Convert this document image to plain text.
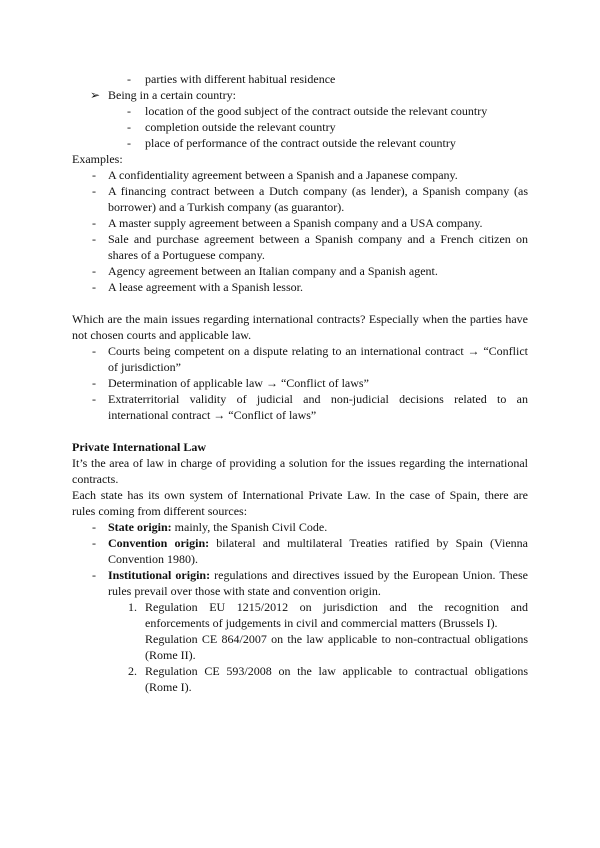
- parties with different habitual residence
➢ Being in a certain country:
- location of the good subject of the contract outside the relevant country
- completion outside the relevant country
- place of performance of the contract outside the relevant country
Examples:
- A confidentiality agreement between a Spanish and a Japanese company.
- A financing contract between a Dutch company (as lender), a Spanish company (as
borrower) and a Turkish company (as guarantor).
- A master supply agreement between a Spanish company and a USA company.
- Sale and purchase agreement between a Spanish company and a French citizen on
shares of a Portuguese company.
- Agency agreement between an Italian company and a Spanish agent.
- A lease agreement with a Spanish lessor.
Which are the main issues regarding international contracts? Especially when the parties have
not chosen courts and applicable law.
- Courts being competent on a dispute relating to an international contract → “Conflict
of jurisdiction”
- Determination of applicable law → “Conflict of laws”
- Extraterritorial validity of judicial and non-judicial decisions related to an
international contract → “Conflict of laws”
Private International Law
It’s the area of law in charge of providing a solution for the issues regarding the international
contracts.
Each state has its own system of International Private Law. In the case of Spain, there are
rules coming from different sources:
- State origin: mainly, the Spanish Civil Code.
- Convention origin: bilateral and multilateral Treaties ratified by Spain (Vienna
Convention 1980).
- Institutional origin: regulations and directives issued by the European Union. These
rules prevail over those with state and convention origin.
1. Regulation EU 1215/2012 on jurisdiction and the recognition and
enforcements of judgements in civil and commercial matters (Brussels I).
Regulation CE 864/2007 on the law applicable to non-contractual obligations
(Rome II).
2. Regulation CE 593/2008 on the law applicable to contractual obligations
(Rome I).
